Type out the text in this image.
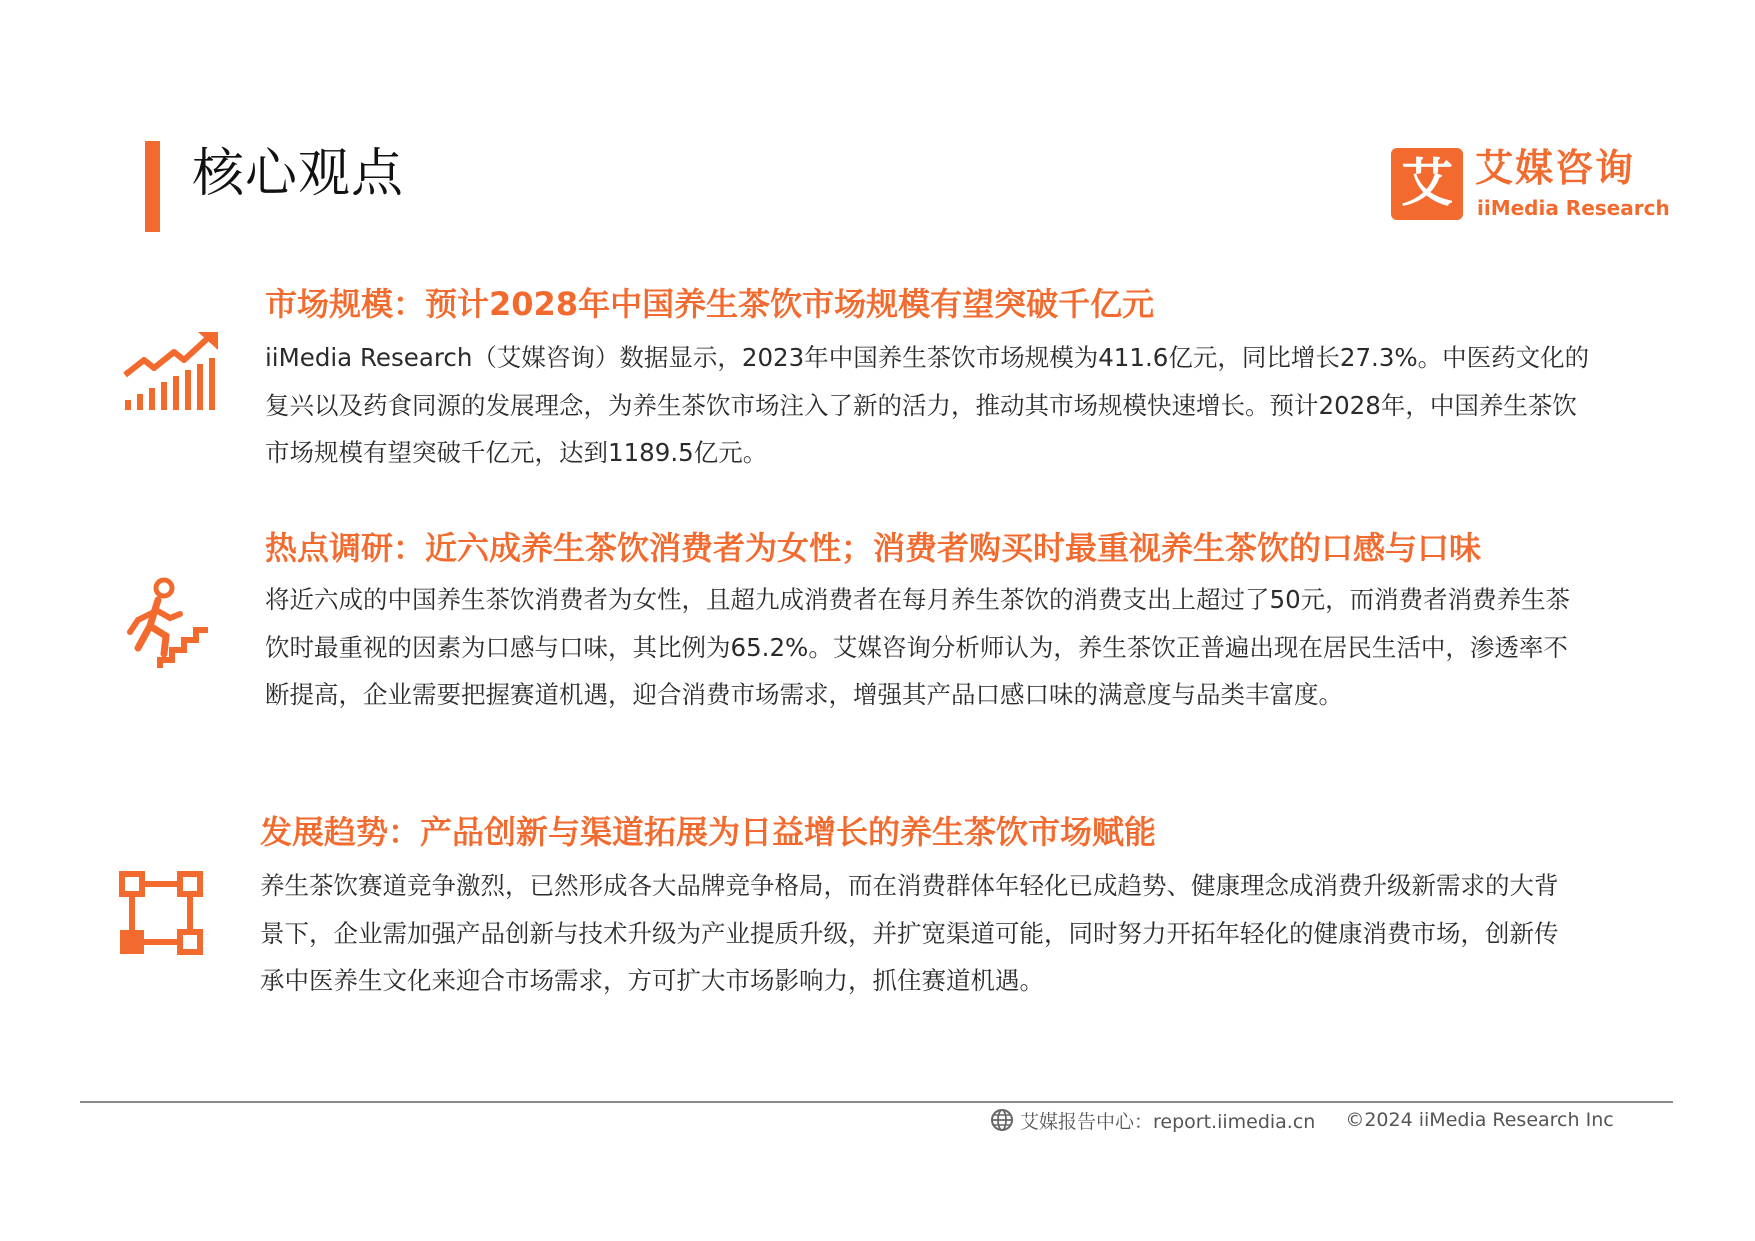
核心观点	艾 艾媒咨询
iiMedia Research
市场规模：预计2028年中国养生茶饮市场规模有望突破千亿元

iiMedia Research（艾媒咨询）数据显示，2023年中国养生茶饮市场规模为411.6亿元，同比增长27.3%。中医药文化的复兴以及药食同源的发展理念，为养生茶饮市场注入了新的活力，推动其市场规模快速增长。预计2028年，中国养生茶饮市场规模有望突破千亿元，达到1189.5亿元。

热点调研：近六成养生茶饮消费者为女性；消费者购买时最重视养生茶饮的口感与口味

将近六成的中国养生茶饮消费者为女性，且超九成消费者在每月养生茶饮的消费支出上超过了50元，而消费者消费养生茶饮时最重视的因素为口感与口味，其比例为65.2%。艾媒咨询分析师认为，养生茶饮正普遍出现在居民生活中，渗透率不断提高，企业需要把握赛道机遇，迎合消费市场需求，增强其产品口感口味的满意度与品类丰富度。

发展趋势：产品创新与渠道拓展为日益增长的养生茶饮市场赋能

养生茶饮赛道竞争激烈，已然形成各大品牌竞争格局，而在消费群体年轻化已成趋势、健康理念成消费升级新需求的大背景下，企业需加强产品创新与技术升级为产业提质升级，并扩宽渠道可能，同时努力开拓年轻化的健康消费市场，创新传承中医养生文化来迎合市场需求，方可扩大市场影响力，抓住赛道机遇。

艾媒报告中心：report.iimedia.cn ©2024 iiMedia Research Inc
